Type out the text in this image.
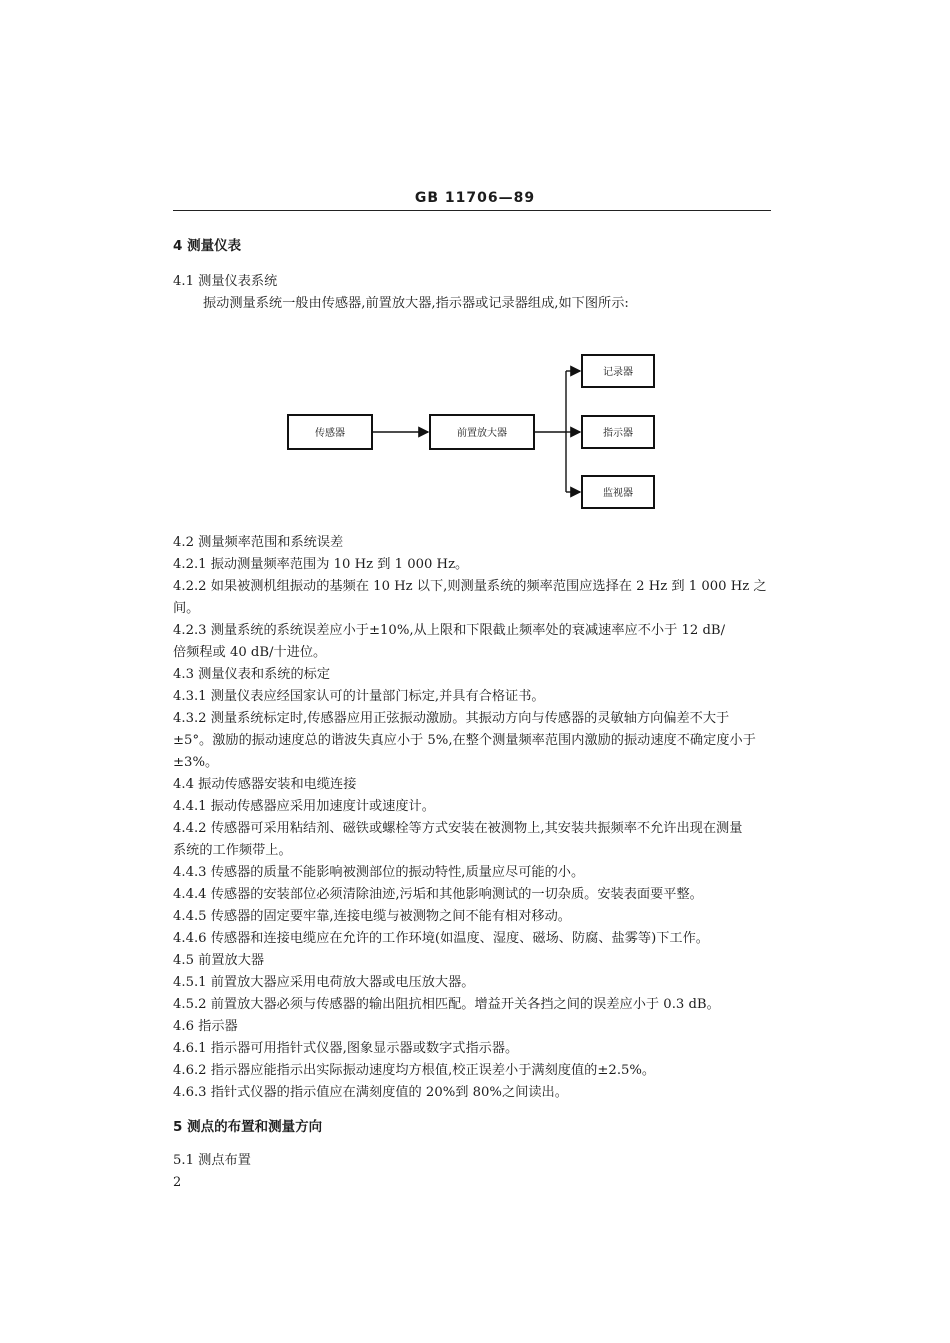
GB 11706—89
4 测量仪表
4.1 测量仪表系统
振动测量系统一般由传感器,前置放大器,指示器或记录器组成,如下图所示:
传感器	前置放大器
记录器
指示器
监视器
4.2 测量频率范围和系统误差
4.2.1 振动测量频率范围为 10 Hz 到 1 000 Hz。
4.2.2 如果被测机组振动的基频在 10 Hz 以下,则测量系统的频率范围应选择在 2 Hz 到 1 000 Hz 之
间。
4.2.3 测量系统的系统误差应小于±10%,从上限和下限截止频率处的衰减速率应不小于 12 dB/
倍频程或 40 dB/十进位。
4.3 测量仪表和系统的标定
4.3.1 测量仪表应经国家认可的计量部门标定,并具有合格证书。
4.3.2 测量系统标定时,传感器应用正弦振动激励。其振动方向与传感器的灵敏轴方向偏差不大于
±5°。激励的振动速度总的谐波失真应小于 5%,在整个测量频率范围内激励的振动速度不确定度小于
±3%。
4.4 振动传感器安装和电缆连接
4.4.1 振动传感器应采用加速度计或速度计。
4.4.2 传感器可采用粘结剂、磁铁或螺栓等方式安装在被测物上,其安装共振频率不允许出现在测量
系统的工作频带上。
4.4.3 传感器的质量不能影响被测部位的振动特性,质量应尽可能的小。
4.4.4 传感器的安装部位必须清除油迹,污垢和其他影响测试的一切杂质。安装表面要平整。
4.4.5 传感器的固定要牢靠,连接电缆与被测物之间不能有相对移动。
4.4.6 传感器和连接电缆应在允许的工作环境(如温度、湿度、磁场、防腐、盐雾等)下工作。
4.5 前置放大器
4.5.1 前置放大器应采用电荷放大器或电压放大器。
4.5.2 前置放大器必须与传感器的输出阻抗相匹配。增益开关各挡之间的误差应小于 0.3 dB。
4.6 指示器
4.6.1 指示器可用指针式仪器,图象显示器或数字式指示器。
4.6.2 指示器应能指示出实际振动速度均方根值,校正误差小于满刻度值的±2.5%。
4.6.3 指针式仪器的指示值应在满刻度值的 20%到 80%之间读出。
5 测点的布置和测量方向
5.1 测点布置
2
